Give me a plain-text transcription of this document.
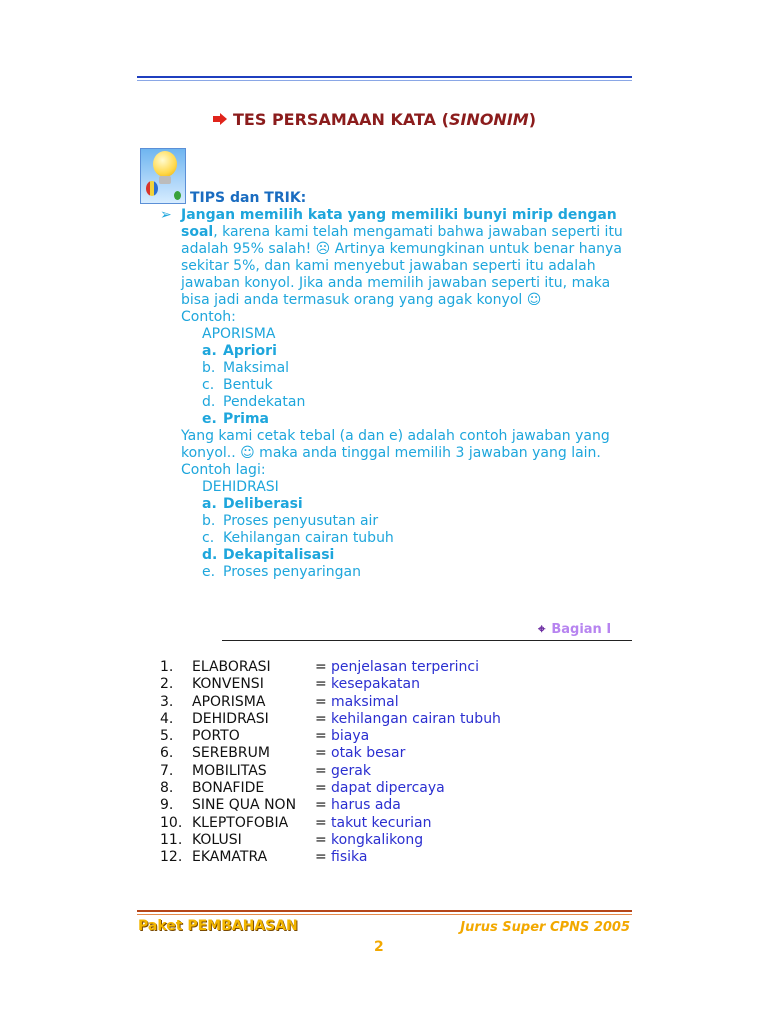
TES PERSAMAAN KATA (SINONIM)
TIPS dan TRIK:
➢ Jangan memilih kata yang memiliki bunyi mirip dengan soal, karena kami telah mengamati bahwa jawaban seperti itu adalah 95% salah! ☹ Artinya kemungkinan untuk benar hanya sekitar 5%, dan kami menyebut jawaban seperti itu adalah jawaban konyol. Jika anda memilih jawaban seperti itu, maka bisa jadi anda termasuk orang yang agak konyol ☺
Contoh:
APORISMA
a. Apriori
b. Maksimal
c. Bentuk
d. Pendekatan
e. Prima
Yang kami cetak tebal (a dan e) adalah contoh jawaban yang konyol.. ☺ maka anda tinggal memilih 3 jawaban yang lain.
Contoh lagi:
DEHIDRASI
a. Deliberasi
b. Proses penyusutan air
c. Kehilangan cairan tubuh
d. Dekapitalisasi
e. Proses penyaringan
⌖ Bagian I
1. ELABORASI	= penjelasan terperinci
2. KONVENSI	= kesepakatan
3. APORISMA	= maksimal
4. DEHIDRASI	= kehilangan cairan tubuh
5. PORTO	= biaya
6. SEREBRUM	= otak besar
7. MOBILITAS	= gerak
8. BONAFIDE	= dapat dipercaya
9. SINE QUA NON = harus ada
10. KLEPTOFOBIA = takut kecurian
11. KOLUSI	= kongkalikong
12. EKAMATRA	= fisika
Paket PEMBAHASAN	Jurus Super CPNS 2005
2
